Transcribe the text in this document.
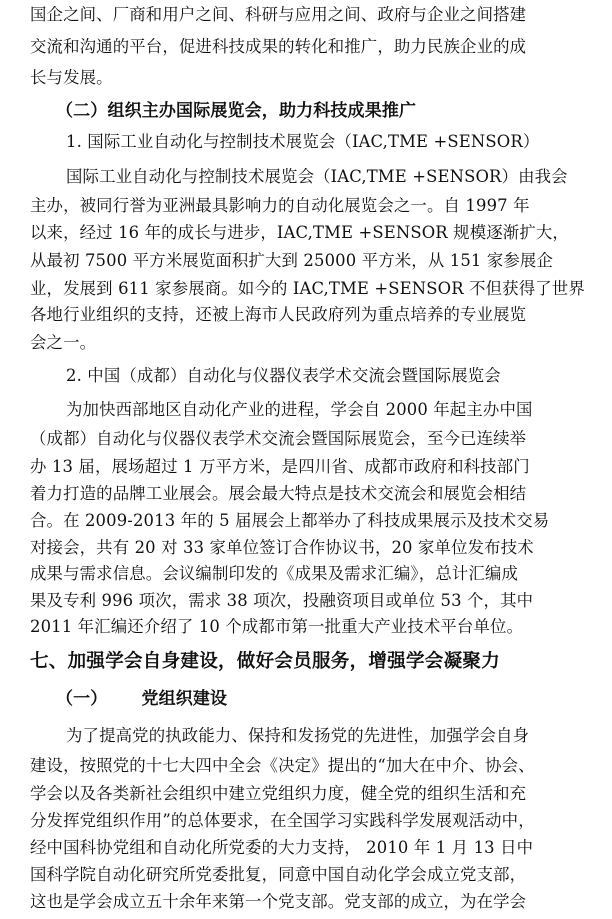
国企之间、厂商和用户之间、科研与应用之间、政府与企业之间搭建
交流和沟通的平台，促进科技成果的转化和推广，助力民族企业的成
长与发展。
（二）组织主办国际展览会，助力科技成果推广
1. 国际工业自动化与控制技术展览会（IAC,TME +SENSOR）
国际工业自动化与控制技术展览会（IAC,TME +SENSOR）由我会
主办，被同行誉为亚洲最具影响力的自动化展览会之一。自 1997 年
以来，经过 16 年的成长与进步，IAC,TME +SENSOR 规模逐渐扩大，
从最初 7500 平方米展览面积扩大到 25000 平方米，从 151 家参展企
业，发展到 611 家参展商。如今的 IAC,TME +SENSOR 不但获得了世界
各地行业组织的支持，还被上海市人民政府列为重点培养的专业展览
会之一。
2. 中国（成都）自动化与仪器仪表学术交流会暨国际展览会
为加快西部地区自动化产业的进程，学会自 2000 年起主办中国
（成都）自动化与仪器仪表学术交流会暨国际展览会，至今已连续举
办 13 届，展场超过 1 万平方米，是四川省、成都市政府和科技部门
着力打造的品牌工业展会。展会最大特点是技术交流会和展览会相结
合。在 2009-2013 年的 5 届展会上都举办了科技成果展示及技术交易
对接会，共有 20 对 33 家单位签订合作协议书，20 家单位发布技术
成果与需求信息。会议编制印发的《成果及需求汇编》，总计汇编成
果及专利 996 项次，需求 38 项次，投融资项目或单位 53 个，其中
2011 年汇编还介绍了 10 个成都市第一批重大产业技术平台单位。
七、加强学会自身建设，做好会员服务，增强学会凝聚力
（一） 党组织建设
为了提高党的执政能力、保持和发扬党的先进性，加强学会自身
建设，按照党的十七大四中全会《决定》提出的“加大在中介、协会、
学会以及各类新社会组织中建立党组织力度，健全党的组织生活和充
分发挥党组织作用”的总体要求，在全国学习实践科学发展观活动中，
经中国科协党组和自动化所党委的大力支持， 2010 年 1 月 13 日中
国科学院自动化研究所党委批复，同意中国自动化学会成立党支部，
这也是学会成立五十余年来第一个党支部。党支部的成立，为在学会
